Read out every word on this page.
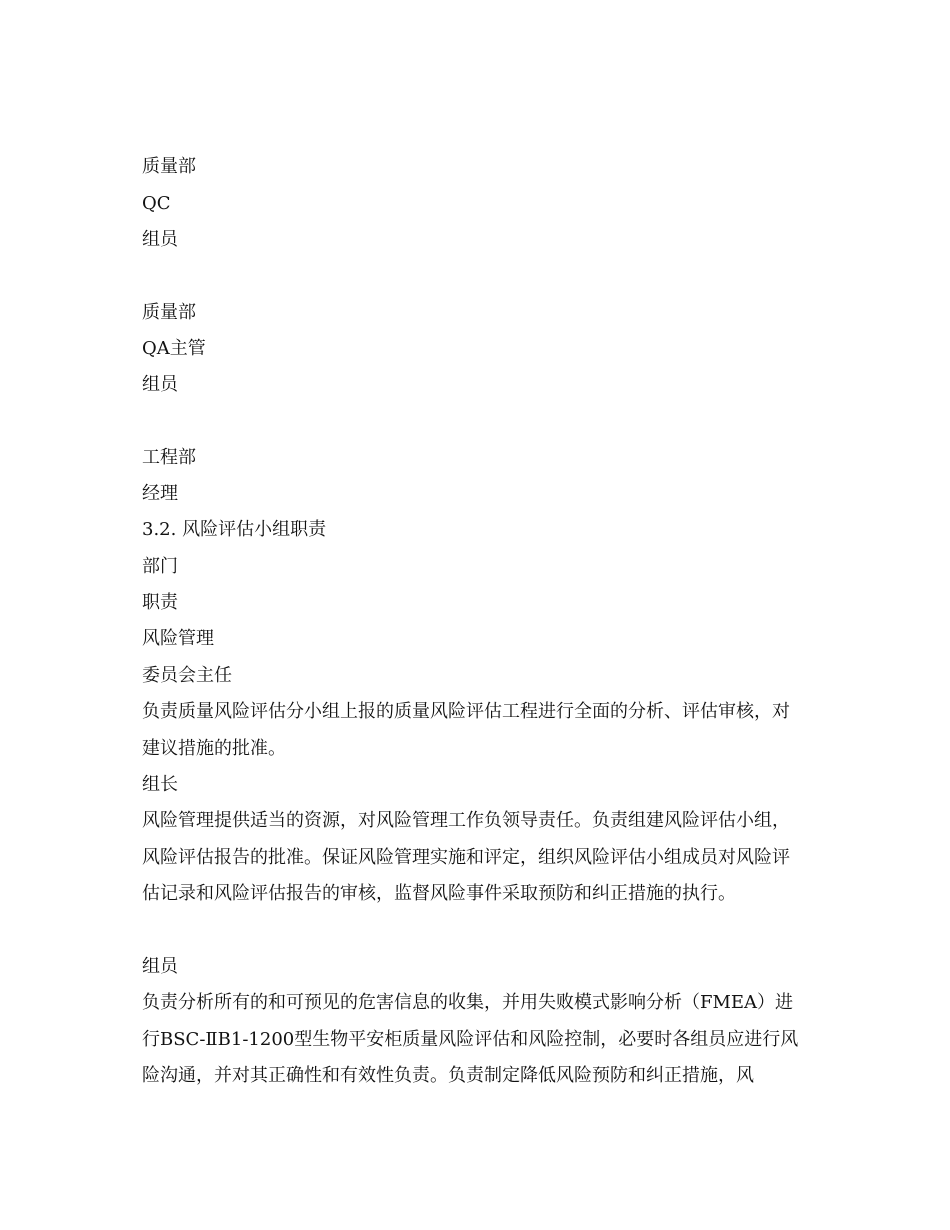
质量部

QC

组员

质量部

QA主管

组员

工程部

经理

3.2. 风险评估小组职责

部门

职责

风险管理

委员会主任

负责质量风险评估分小组上报的质量风险评估工程进行全面的分析、评估审核，对建议措施的批准。

组长

风险管理提供适当的资源，对风险管理工作负领导责任。负责组建风险评估小组，风险评估报告的批准。保证风险管理实施和评定，组织风险评估小组成员对风险评估记录和风险评估报告的审核，监督风险事件采取预防和纠正措施的执行。

组员

负责分析所有的和可预见的危害信息的收集，并用失败模式影响分析（FMEA）进行BSC-ⅡB1-1200型生物平安柜质量风险评估和风险控制，必要时各组员应进行风险沟通，并对其正确性和有效性负责。负责制定降低风险预防和纠正措施，风
